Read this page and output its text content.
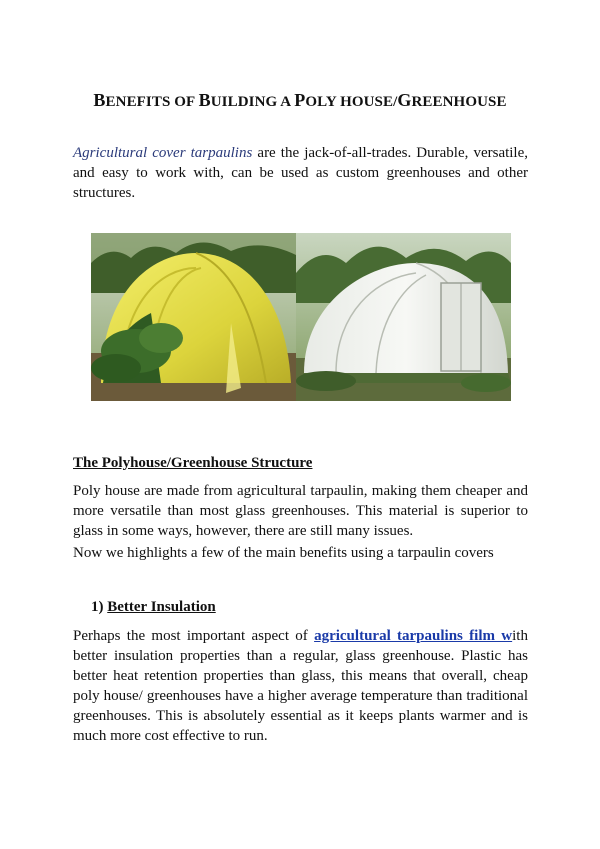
BENEFITS OF BUILDING A POLY HOUSE/GREENHOUSE
Agricultural cover tarpaulins are the jack-of-all-trades. Durable, versatile, and easy to work with, can be used as custom greenhouses and other structures.
The Polyhouse/Greenhouse Structure
Poly house are made from agricultural tarpaulin, making them cheaper and more versatile than most glass greenhouses. This material is superior to glass in some ways, however, there are still many issues.
Now we highlights a few of the main benefits using a tarpaulin covers
1) Better Insulation
Perhaps the most important aspect of agricultural tarpaulins film with better insulation properties than a regular, glass greenhouse. Plastic has better heat retention properties than glass, this means that overall, cheap poly house/ greenhouses have a higher average temperature than traditional greenhouses. This is absolutely essential as it keeps plants warmer and is much more cost effective to run.
